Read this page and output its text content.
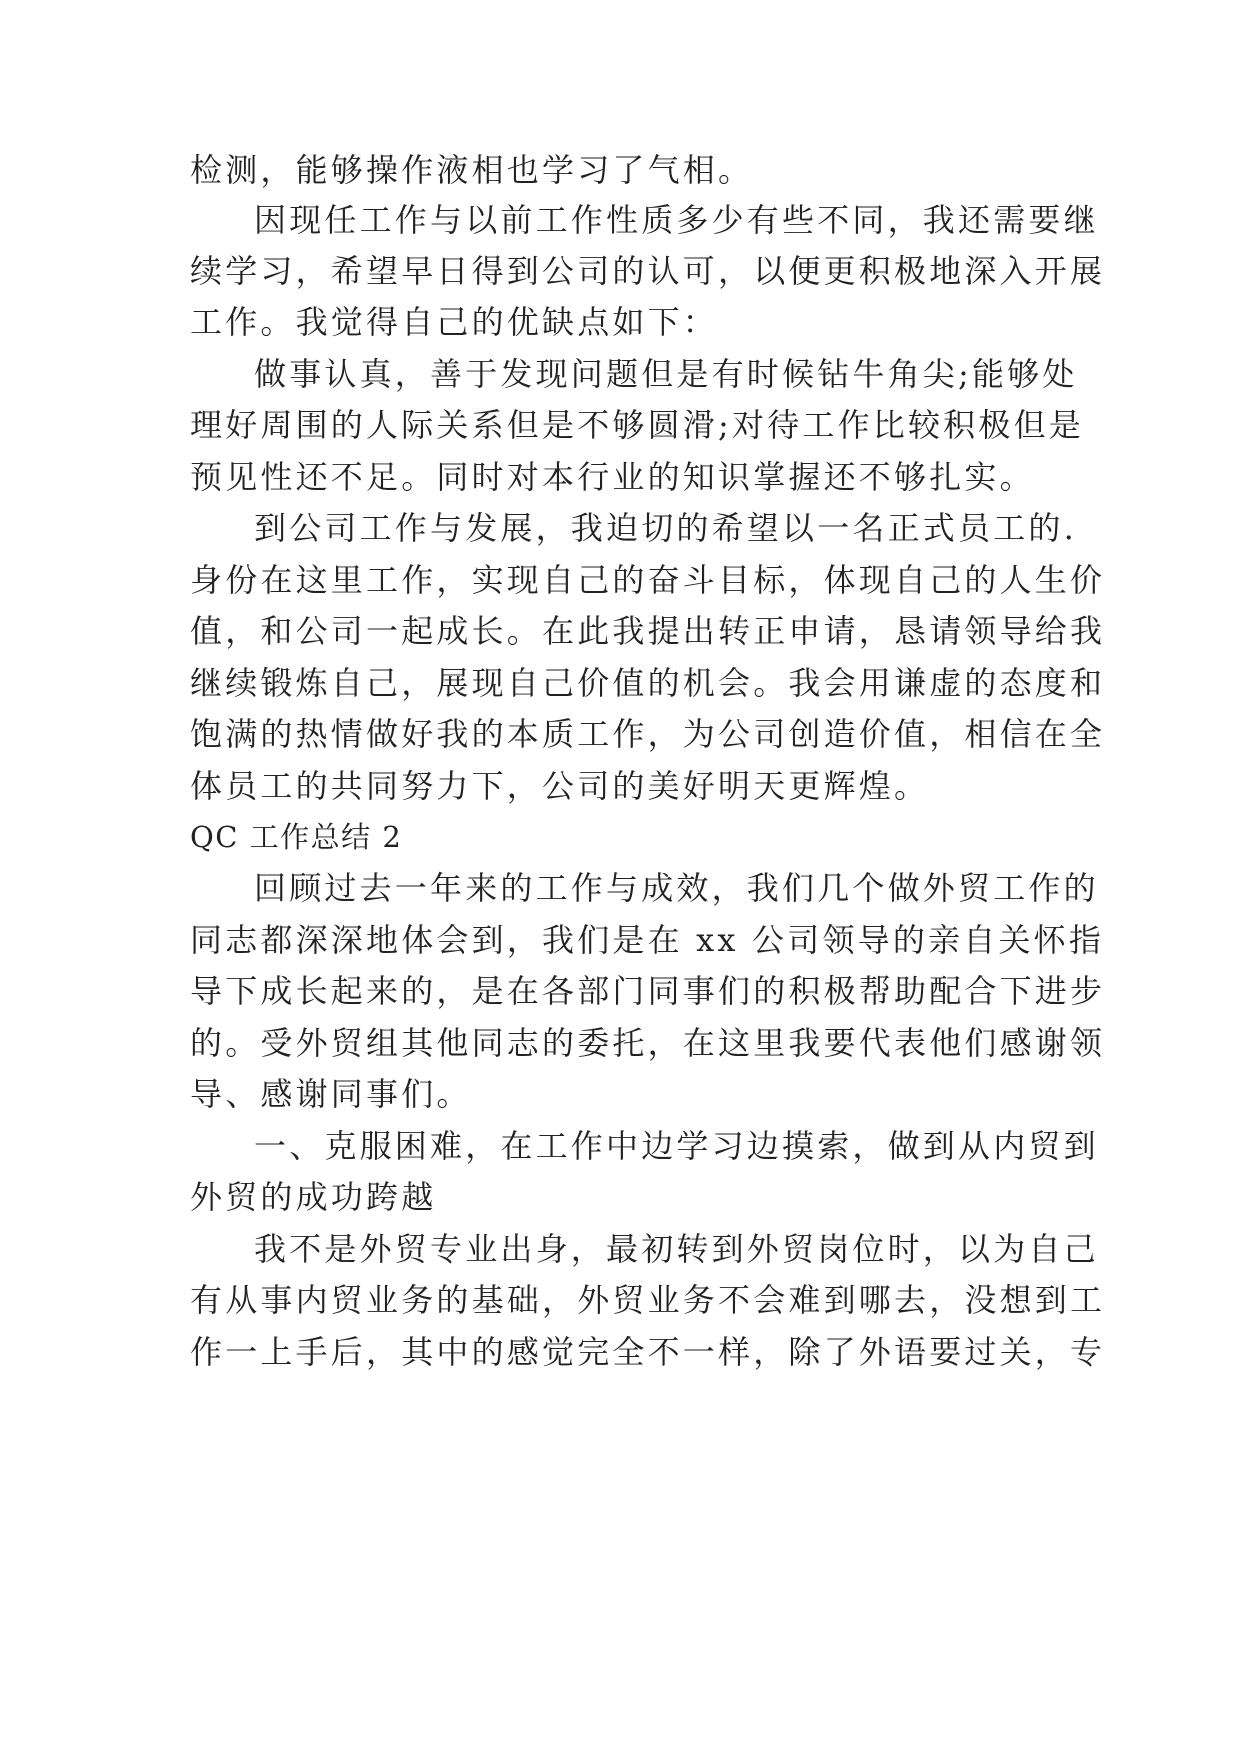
检测，能够操作液相也学习了气相。
因现任工作与以前工作性质多少有些不同，我还需要继
续学习，希望早日得到公司的认可，以便更积极地深入开展
工作。我觉得自己的优缺点如下：
做事认真，善于发现问题但是有时候钻牛角尖;能够处
理好周围的人际关系但是不够圆滑;对待工作比较积极但是
预见性还不足。同时对本行业的知识掌握还不够扎实。
到公司工作与发展，我迫切的希望以一名正式员工的.
身份在这里工作，实现自己的奋斗目标，体现自己的人生价
值，和公司一起成长。在此我提出转正申请，恳请领导给我
继续锻炼自己，展现自己价值的机会。我会用谦虚的态度和
饱满的热情做好我的本质工作，为公司创造价值，相信在全
体员工的共同努力下，公司的美好明天更辉煌。
QC 工作总结 2
回顾过去一年来的工作与成效，我们几个做外贸工作的
同志都深深地体会到，我们是在 xx 公司领导的亲自关怀指
导下成长起来的，是在各部门同事们的积极帮助配合下进步
的。受外贸组其他同志的委托，在这里我要代表他们感谢领
导、感谢同事们。
一、克服困难，在工作中边学习边摸索，做到从内贸到
外贸的成功跨越
我不是外贸专业出身，最初转到外贸岗位时，以为自己
有从事内贸业务的基础，外贸业务不会难到哪去，没想到工
作一上手后，其中的感觉完全不一样，除了外语要过关，专
